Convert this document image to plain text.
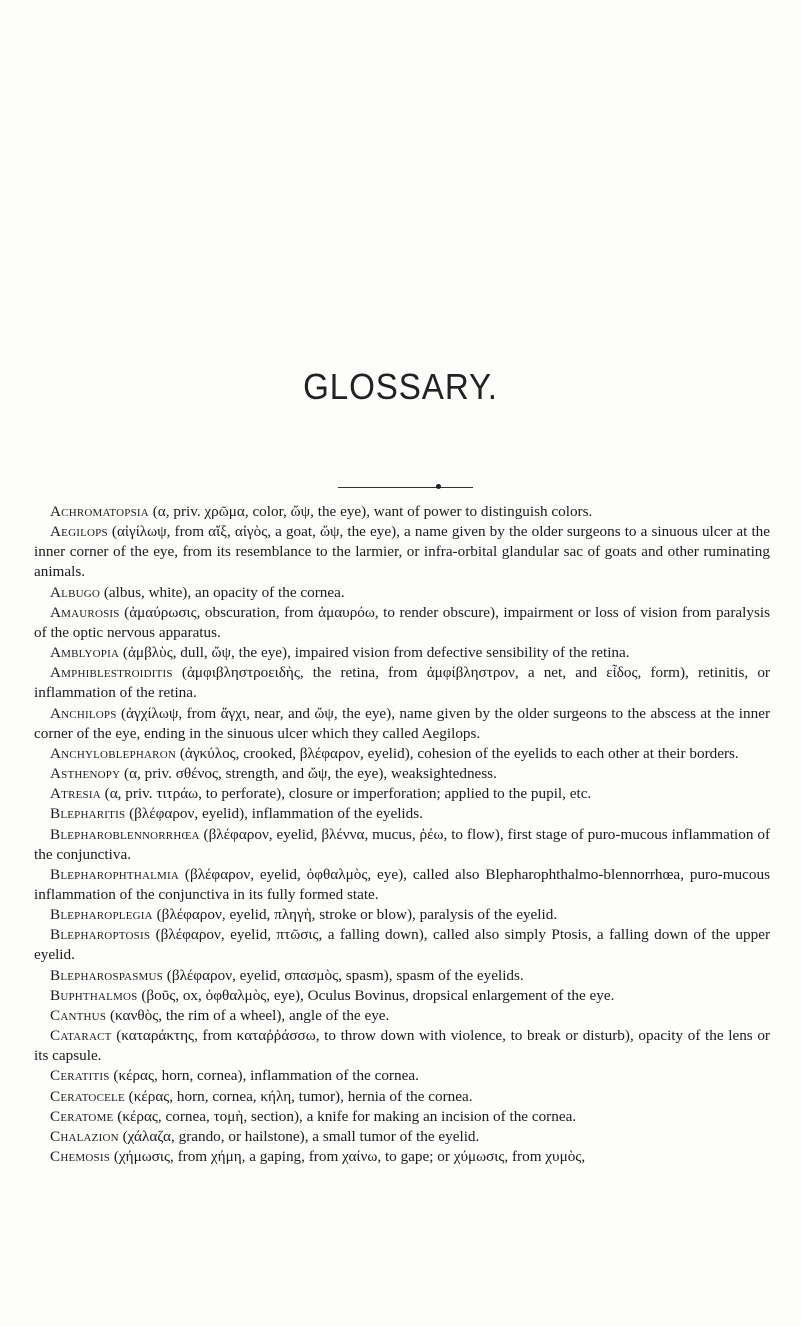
GLOSSARY.

Achromatopsia (α, priv. χρῶμα, color, ὤψ, the eye), want of power to distinguish colors.

Aegilops (αἰγίλωψ, from αἴξ, αἰγὸς, a goat, ὤψ, the eye), a name given by the older surgeons to a sinuous ulcer at the inner corner of the eye, from its resemblance to the larmier, or infra-orbital glandular sac of goats and other ruminating animals.

Albugo (albus, white), an opacity of the cornea.

Amaurosis (ἀμαύρωσις, obscuration, from ἀμαυρόω, to render obscure), impairment or loss of vision from paralysis of the optic nervous apparatus.

Amblyopia (ἀμβλὺς, dull, ὤψ, the eye), impaired vision from defective sensibility of the retina.

Amphiblestroiditis (ἀμφιβληστροειδὴς, the retina, from ἀμφίβληστρον, a net, and εἶδος, form), retinitis, or inflammation of the retina.

Anchilops (ἀγχίλωψ, from ἄγχι, near, and ὤψ, the eye), name given by the older surgeons to the abscess at the inner corner of the eye, ending in the sinuous ulcer which they called Aegilops.

Anchyloblepharon (ἀγκύλος, crooked, βλέφαρον, eyelid), cohesion of the eyelids to each other at their borders.

Asthenopy (α, priv. σθένος, strength, and ὤψ, the eye), weaksightedness.

Atresia (α, priv. τιτράω, to perforate), closure or imperforation; applied to the pupil, etc.

Blepharitis (βλέφαρον, eyelid), inflammation of the eyelids.

Blepharoblennorrhœa (βλέφαρον, eyelid, βλέννα, mucus, ῥέω, to flow), first stage of puro-mucous inflammation of the conjunctiva.

Blepharophthalmia (βλέφαρον, eyelid, ὀφθαλμὸς, eye), called also Blepharophthalmo-blennorrhœa, puro-mucous inflammation of the conjunctiva in its fully formed state.

Blepharoplegia (βλέφαρον, eyelid, πληγὴ, stroke or blow), paralysis of the eyelid.

Blepharoptosis (βλέφαρον, eyelid, πτῶσις, a falling down), called also simply Ptosis, a falling down of the upper eyelid.

Blepharospasmus (βλέφαρον, eyelid, σπασμὸς, spasm), spasm of the eyelids.

Buphthalmos (βοῦς, ox, ὀφθαλμὸς, eye), Oculus Bovinus, dropsical enlargement of the eye.

Canthus (κανθὸς, the rim of a wheel), angle of the eye.

Cataract (καταράκτης, from καταῤῥάσσω, to throw down with violence, to break or disturb), opacity of the lens or its capsule.

Ceratitis (κέρας, horn, cornea), inflammation of the cornea.

Ceratocele (κέρας, horn, cornea, κήλη, tumor), hernia of the cornea.

Ceratome (κέρας, cornea, τομὴ, section), a knife for making an incision of the cornea.

Chalazion (χάλαζα, grando, or hailstone), a small tumor of the eyelid.

Chemosis (χήμωσις, from χήμη, a gaping, from χαίνω, to gape; or χύμωσις, from χυμὸς,
